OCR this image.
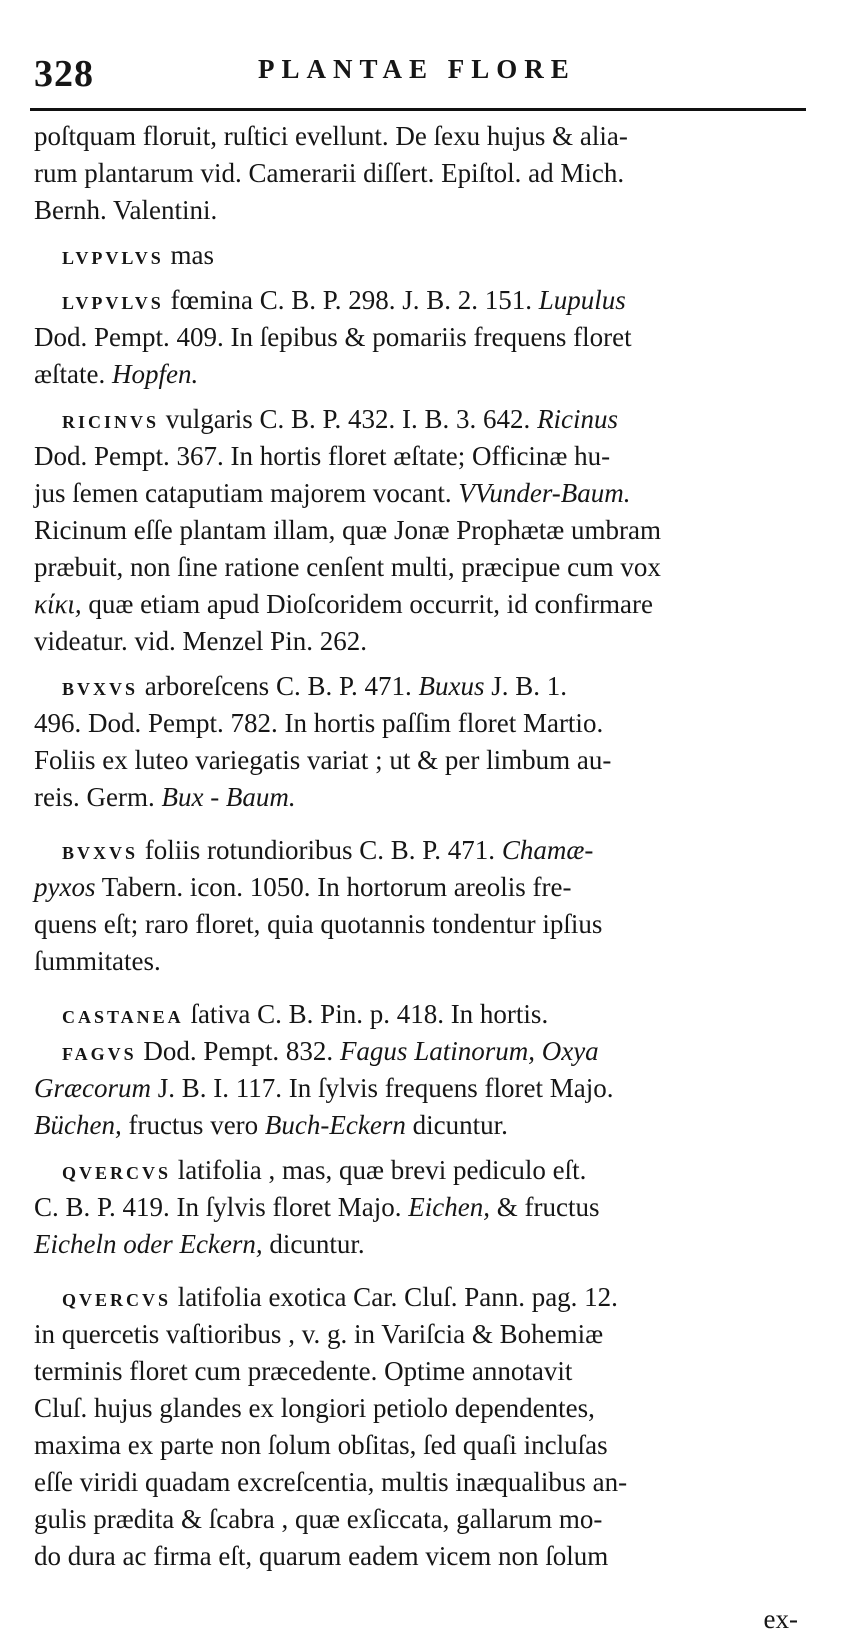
328	PLANTAE FLORE
poſtquam floruit, ruſtici evellunt. De ſexu hujus & alia-
rum plantarum vid. Camerarii diſſert. Epiſtol. ad Mich.
Bernh. Valentini.
LVPVLVS mas
LVPVLVS fœmina C. B. P. 298. J. B. 2. 151. Lupulus
Dod. Pempt. 409. In ſepibus & pomariis frequens floret
æſtate. Hopfen.
RICINVS vulgaris C. B. P. 432. I. B. 3. 642. Ricinus
Dod. Pempt. 367. In hortis floret æſtate; Officinæ hu-
jus ſemen cataputiam majorem vocant. VVunder-Baum.
Ricinum eſſe plantam illam, quæ Jonæ Prophætæ umbram
præbuit, non ſine ratione cenſent multi, præcipue cum vox
κίκι, quæ etiam apud Dioſcoridem occurrit, id confirmare
videatur. vid. Menzel Pin. 262.
BVXVS arboreſcens C. B. P. 471. Buxus J. B. 1.
496. Dod. Pempt. 782. In hortis paſſim floret Martio.
Foliis ex luteo variegatis variat ; ut & per limbum au-
reis. Germ. Bux - Baum.
BVXVS foliis rotundioribus C. B. P. 471. Chamæ-
pyxos Tabern. icon. 1050. In hortorum areolis fre-
quens eſt; raro floret, quia quotannis tondentur ipſius
ſummitates.
CASTANEA ſativa C. B. Pin. p. 418. In hortis.
FAGVS Dod. Pempt. 832. Fagus Latinorum, Oxya
Græcorum J. B. I. 117. In ſylvis frequens floret Majo.
Büchen, fructus vero Buch-Eckern dicuntur.
QVERCVS latifolia , mas, quæ brevi pediculo eſt.
C. B. P. 419. In ſylvis floret Majo. Eichen, & fructus
Eicheln oder Eckern, dicuntur.
QVERCVS latifolia exotica Car. Cluſ. Pann. pag. 12.
in quercetis vaſtioribus , v. g. in Variſcia & Bohemiæ
terminis floret cum præcedente. Optime annotavit
Cluſ. hujus glandes ex longiori petiolo dependentes,
maxima ex parte non ſolum obſitas, ſed quaſi incluſas
eſſe viridi quadam excreſcentia, multis inæqualibus an-
gulis prædita & ſcabra , quæ exſiccata, gallarum mo-
do dura ac firma eſt, quarum eadem vicem non ſolum
ex-
